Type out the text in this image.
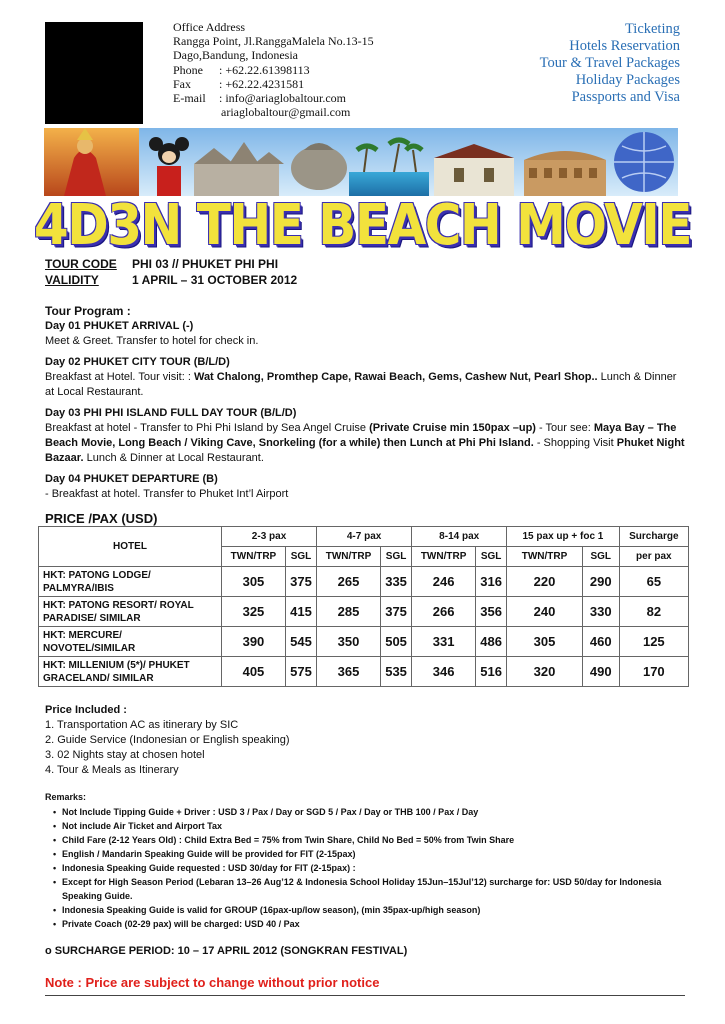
Office Address
Rangga Point, Jl.RanggaMalela No.13-15
Dago,Bandung, Indonesia
Phone : +62.22.61398113
Fax : +62.22.4231581
E-mail : info@ariaglobaltour.com
ariaglobaltour@gmail.com
Ticketing
Hotels Reservation
Tour & Travel Packages
Holiday Packages
Passports and Visa
4D3N THE BEACH MOVIE
TOUR CODE PHI 03 // PHUKET PHI PHI
VALIDITY	1 APRIL – 31 OCTOBER 2012
Tour Program :
Day 01 PHUKET ARRIVAL (-)
Meet & Greet. Transfer to hotel for check in.
Day 02 PHUKET CITY TOUR (B/L/D)
Breakfast at Hotel. Tour visit: : Wat Chalong, Promthep Cape, Rawai Beach, Gems, Cashew Nut, Pearl Shop.. Lunch & Dinner at Local Restaurant.
Day 03 PHI PHI ISLAND FULL DAY TOUR (B/L/D)
Breakfast at hotel - Transfer to Phi Phi Island by Sea Angel Cruise (Private Cruise min 150pax –up) - Tour see: Maya Bay – The Beach Movie, Long Beach / Viking Cave, Snorkeling (for a while) then Lunch at Phi Phi Island. - Shopping Visit Phuket Night Bazaar. Lunch & Dinner at Local Restaurant.
Day 04 PHUKET DEPARTURE (B)
- Breakfast at hotel. Transfer to Phuket Int’l Airport
PRICE /PAX (USD)
HOTEL	2-3 pax		4-7 pax		8-14 pax		15 pax up + foc 1		Surcharge
	TWN/TRP	SGL	TWN/TRP	SGL	TWN/TRP	SGL	TWN/TRP	SGL	per pax

HKT: PATONG LODGE/
PALMYRA/IBIS	305	375	265	335	246	316	220	290	65

HKT: PATONG RESORT/ ROYAL
PARADISE/ SIMILAR	325	415	285	375	266	356	240	330	82

HKT: MERCURE/
NOVOTEL/SIMILAR	390	545	350	505	331	486	305	460	125

HKT: MILLENIUM (5*)/ PHUKET
GRACELAND/ SIMILAR	405	575	365	535	346	516	320	490	170
Price Included :
1. Transportation AC as itinerary by SIC
2. Guide Service (Indonesian or English speaking)
3. 02 Nights stay at chosen hotel
4. Tour & Meals as Itinerary
Remarks:
• Not Include Tipping Guide + Driver : USD 3 / Pax / Day or SGD 5 / Pax / Day or THB 100 / Pax / Day
• Not include Air Ticket and Airport Tax
• Child Fare (2-12 Years Old) : Child Extra Bed = 75% from Twin Share, Child No Bed = 50% from Twin Share
• English / Mandarin Speaking Guide will be provided for FIT (2-15pax)
• Indonesia Speaking Guide requested : USD 30/day for FIT (2-15pax) :
• Except for High Season Period (Lebaran 13–26 Aug’12 & Indonesia School Holiday 15Jun–15Jul’12) surcharge for: USD 50/day for Indonesia Speaking Guide.
• Indonesia Speaking Guide is valid for GROUP (16pax-up/low season), (min 35pax-up/high season)
• Private Coach (02-29 pax) will be charged: USD 40 / Pax
o SURCHARGE PERIOD: 10 – 17 APRIL 2012 (SONGKRAN FESTIVAL)
Note : Price are subject to change without prior notice
